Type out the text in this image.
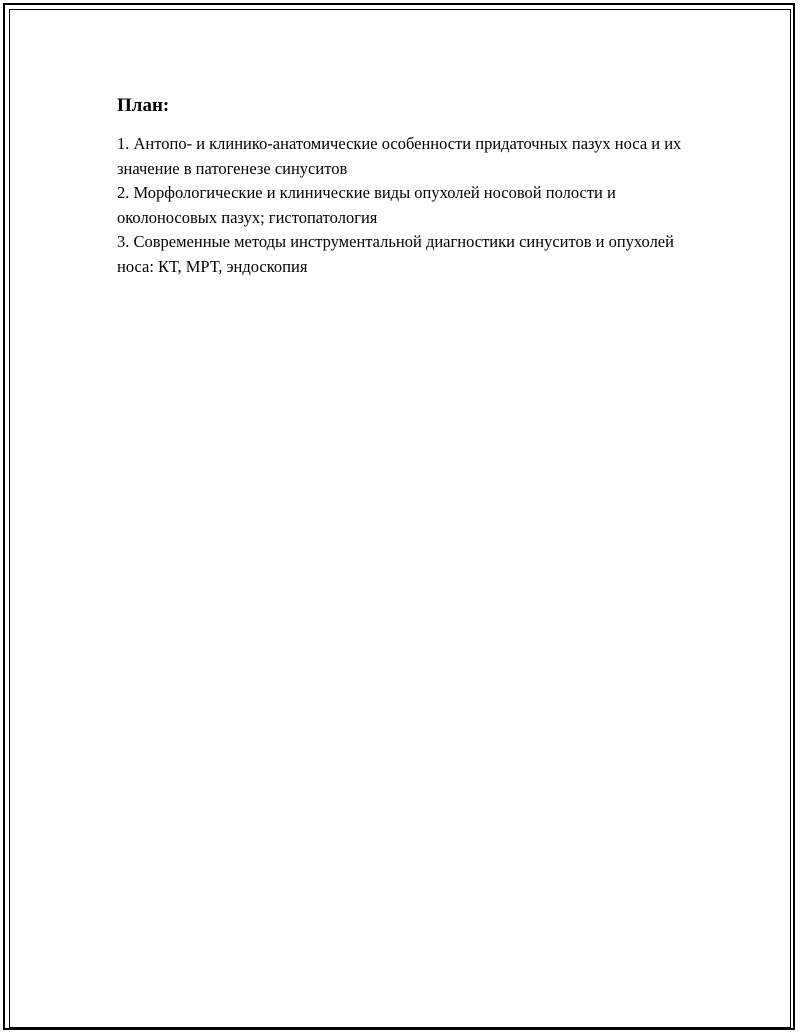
План:
1. Антопо- и клинико-анатомические особенности придаточных пазух носа и их значение в патогенезе синуситов
2. Морфологические и клинические виды опухолей носовой полости и околоносовых пазух; гистопатология
3. Современные методы инструментальной диагностики синуситов и опухолей носа: КТ, МРТ, эндоскопия
